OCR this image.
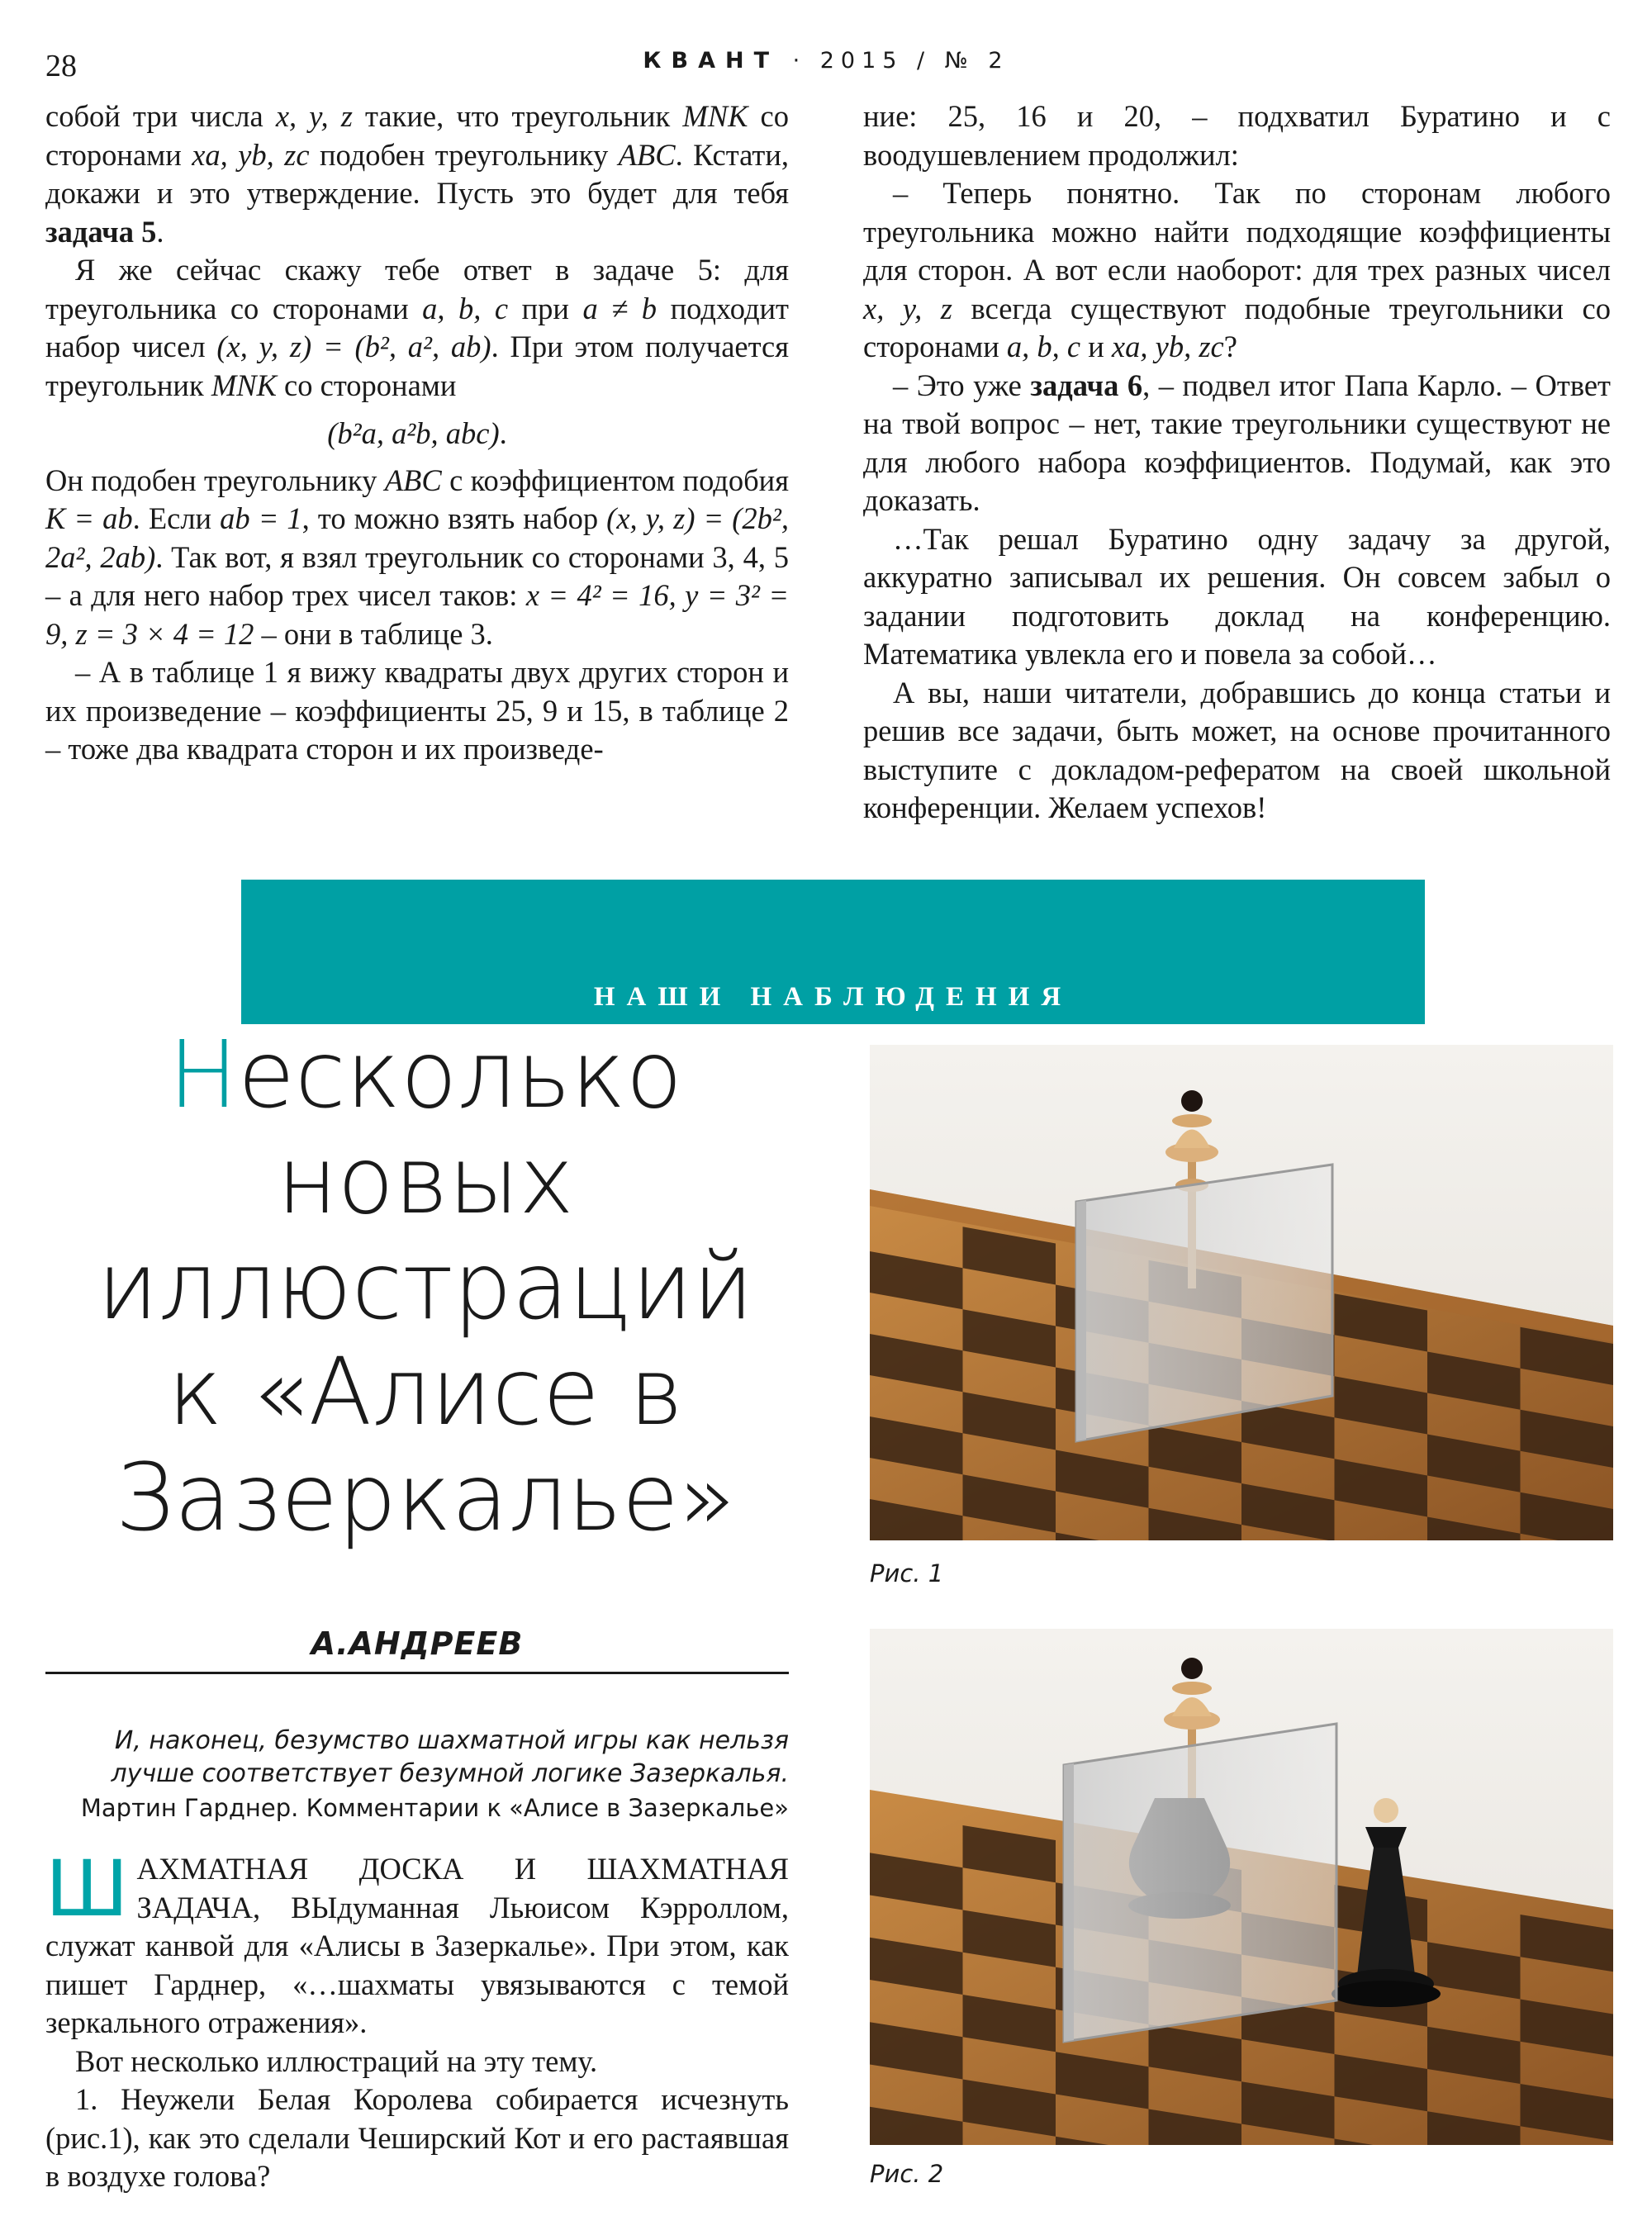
28	КВАНТ · 2015 / № 2

собой три числа x, y, z такие, что треугольник MNK со сторонами xa, yb, zc подобен треугольнику ABC. Кстати, докажи и это утверждение. Пусть это будет для тебя задача 5.

Я же сейчас скажу тебе ответ в задаче 5: для треугольника со сторонами a, b, c при a ≠ b подходит набор чисел (x, y, z) = (b², a², ab). При этом получается треугольник MNK со сторонами

(b²a, a²b, abc).

Он подобен треугольнику ABC с коэффициентом подобия K = ab. Если ab = 1, то можно взять набор (x, y, z) = (2b², 2a², 2ab). Так вот, я взял треугольник со сторонами 3, 4, 5 – а для него набор трех чисел таков: x = 4² = 16, y = 3² = 9, z = 3 × 4 = 12 – они в таблице 3.

– А в таблице 1 я вижу квадраты двух других сторон и их произведение – коэффициенты 25, 9 и 15, в таблице 2 – тоже два квадрата сторон и их произведе-

ние: 25, 16 и 20, – подхватил Буратино и с воодушевлением продолжил:

– Теперь понятно. Так по сторонам любого треугольника можно найти подходящие коэффициенты для сторон. А вот если наоборот: для трех разных чисел x, y, z всегда существуют подобные треугольники со сторонами a, b, c и xa, yb, zc?

– Это уже задача 6, – подвел итог Папа Карло. – Ответ на твой вопрос – нет, такие треугольники существуют не для любого набора коэффициентов. Подумай, как это доказать.

…Так решал Буратино одну задачу за другой, аккуратно записывал их решения. Он совсем забыл о задании подготовить доклад на конференцию. Математика увлекла его и повела за собой…

А вы, наши читатели, добравшись до конца статьи и решив все задачи, быть может, на основе прочитанного выступите с докладом-рефератом на своей школьной конференции. Желаем успехов!

НАШИ НАБЛЮДЕНИЯ
Несколько
новых
иллюстраций
к «Алисе в
Зазеркалье»
А.АНДРЕЕВ
И, наконец, безумство шахматной игры как нельзя лучше соответствует безумной логике Зазеркалья.
Мартин Гарднер. Комментарии к «Алисе в Зазеркалье»

ШАХМАТНАЯ ДОСКА И ШАХМАТНАЯ ЗАДАЧА, ВЫдуманная Льюисом Кэрроллом, служат канвой для «Алисы в Зазеркалье». При этом, как пишет Гарднер, «…шахматы увязываются с темой зеркального отражения».

Вот несколько иллюстраций на эту тему.

1. Неужели Белая Королева собирается исчезнуть (рис.1), как это сделали Чеширский Кот и его растаявшая в воздухе голова?

Рис. 1
Рис. 2
